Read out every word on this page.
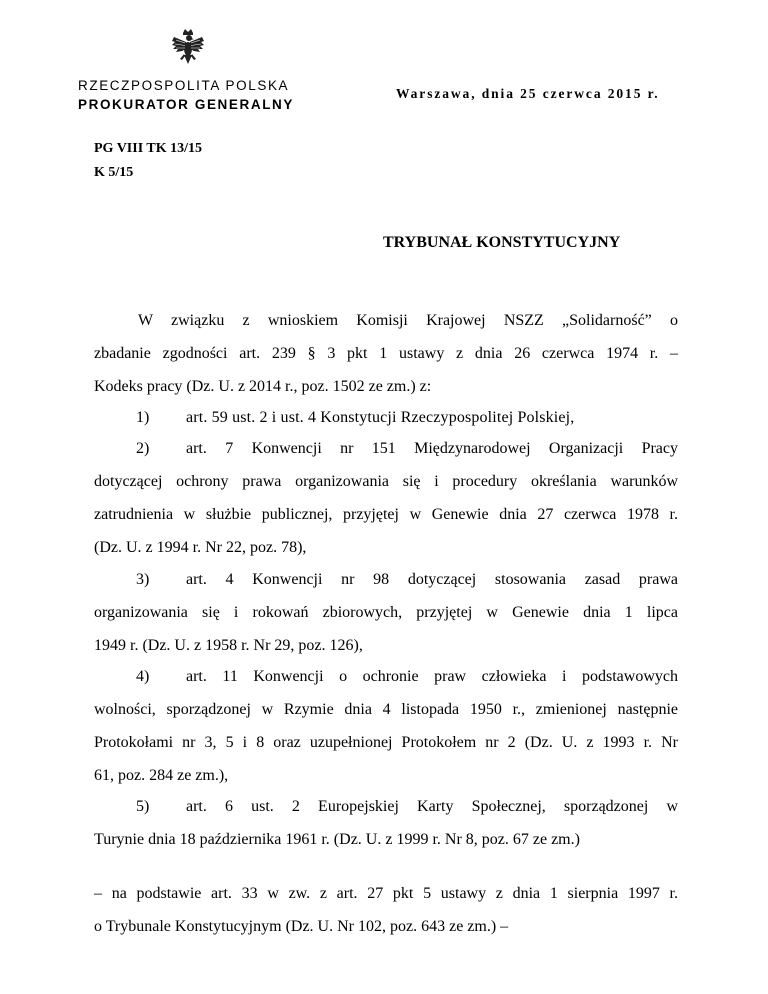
RZECZPOSPOLITA POLSKA
PROKURATOR GENERALNY
Warszawa, dnia 25 czerwca 2015 r.
PG VIII TK 13/15
K 5/15
TRYBUNAŁ KONSTYTUCYJNY
W związku z wnioskiem Komisji Krajowej NSZZ „Solidarność” o
zbadanie zgodności art. 239 § 3 pkt 1 ustawy z dnia 26 czerwca 1974 r. –
Kodeks pracy (Dz. U. z 2014 r., poz. 1502 ze zm.) z:
1) art. 59 ust. 2 i ust. 4 Konstytucji Rzeczypospolitej Polskiej,
2) art. 7 Konwencji nr 151 Międzynarodowej Organizacji Pracy
dotyczącej ochrony prawa organizowania się i procedury określania warunków
zatrudnienia w służbie publicznej, przyjętej w Genewie dnia 27 czerwca 1978 r.
(Dz. U. z 1994 r. Nr 22, poz. 78),
3) art. 4 Konwencji nr 98 dotyczącej stosowania zasad prawa
organizowania się i rokowań zbiorowych, przyjętej w Genewie dnia 1 lipca
1949 r. (Dz. U. z 1958 r. Nr 29, poz. 126),
4) art. 11 Konwencji o ochronie praw człowieka i podstawowych
wolności, sporządzonej w Rzymie dnia 4 listopada 1950 r., zmienionej następnie
Protokołami nr 3, 5 i 8 oraz uzupełnionej Protokołem nr 2 (Dz. U. z 1993 r. Nr
61, poz. 284 ze zm.),
5) art. 6 ust. 2 Europejskiej Karty Społecznej, sporządzonej w
Turynie dnia 18 października 1961 r. (Dz. U. z 1999 r. Nr 8, poz. 67 ze zm.)
– na podstawie art. 33 w zw. z art. 27 pkt 5 ustawy z dnia 1 sierpnia 1997 r.
o Trybunale Konstytucyjnym (Dz. U. Nr 102, poz. 643 ze zm.) –
